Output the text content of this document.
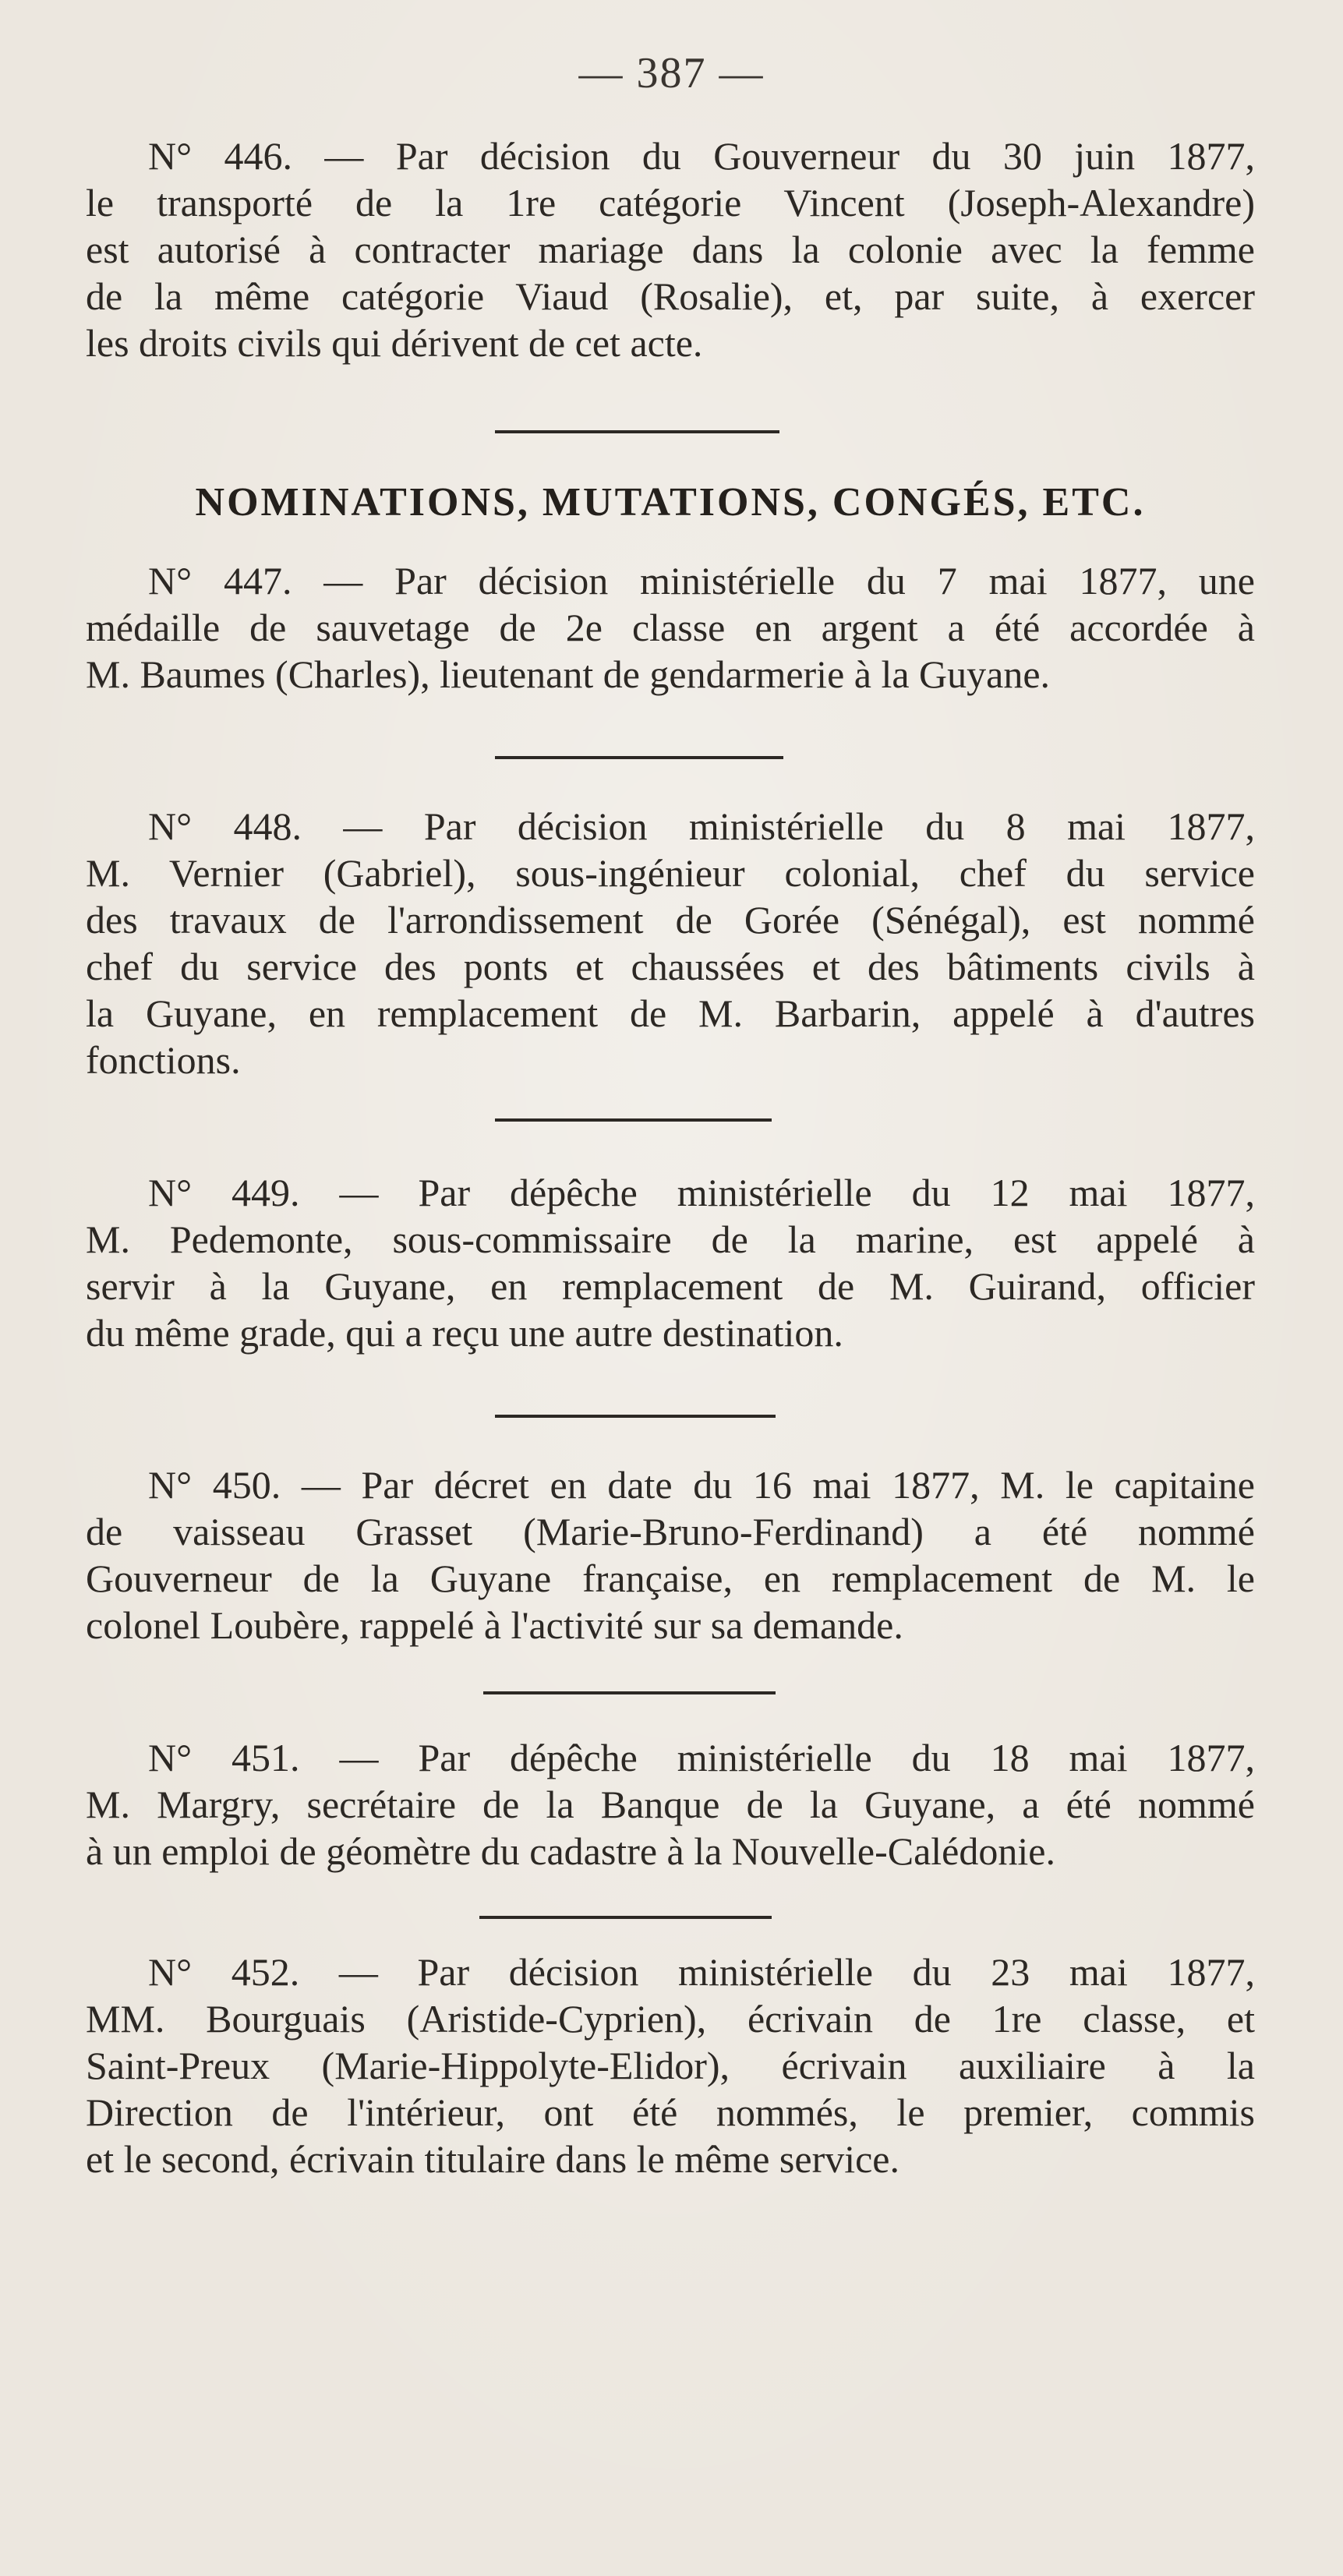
— 387 —
N° 446. — Par décision du Gouverneur du 30 juin 1877,
le transporté de la 1re catégorie Vincent (Joseph-Alexandre)
est autorisé à contracter mariage dans la colonie avec la femme
de la même catégorie Viaud (Rosalie), et, par suite, à exercer
les droits civils qui dérivent de cet acte.
NOMINATIONS, MUTATIONS, CONGÉS, ETC.
N° 447. — Par décision ministérielle du 7 mai 1877, une
médaille de sauvetage de 2e classe en argent a été accordée à
M. Baumes (Charles), lieutenant de gendarmerie à la Guyane.
N° 448. — Par décision ministérielle du 8 mai 1877,
M. Vernier (Gabriel), sous-ingénieur colonial, chef du service
des travaux de l'arrondissement de Gorée (Sénégal), est nommé
chef du service des ponts et chaussées et des bâtiments civils à
la Guyane, en remplacement de M. Barbarin, appelé à d'autres
fonctions.
N° 449. — Par dépêche ministérielle du 12 mai 1877,
M. Pedemonte, sous-commissaire de la marine, est appelé à
servir à la Guyane, en remplacement de M. Guirand, officier
du même grade, qui a reçu une autre destination.
N° 450. — Par décret en date du 16 mai 1877, M. le capitaine
de vaisseau Grasset (Marie-Bruno-Ferdinand) a été nommé
Gouverneur de la Guyane française, en remplacement de M. le
colonel Loubère, rappelé à l'activité sur sa demande.
N° 451. — Par dépêche ministérielle du 18 mai 1877,
M. Margry, secrétaire de la Banque de la Guyane, a été nommé
à un emploi de géomètre du cadastre à la Nouvelle-Calédonie.
N° 452. — Par décision ministérielle du 23 mai 1877,
MM. Bourguais (Aristide-Cyprien), écrivain de 1re classe, et
Saint-Preux (Marie-Hippolyte-Elidor), écrivain auxiliaire à la
Direction de l'intérieur, ont été nommés, le premier, commis
et le second, écrivain titulaire dans le même service.
